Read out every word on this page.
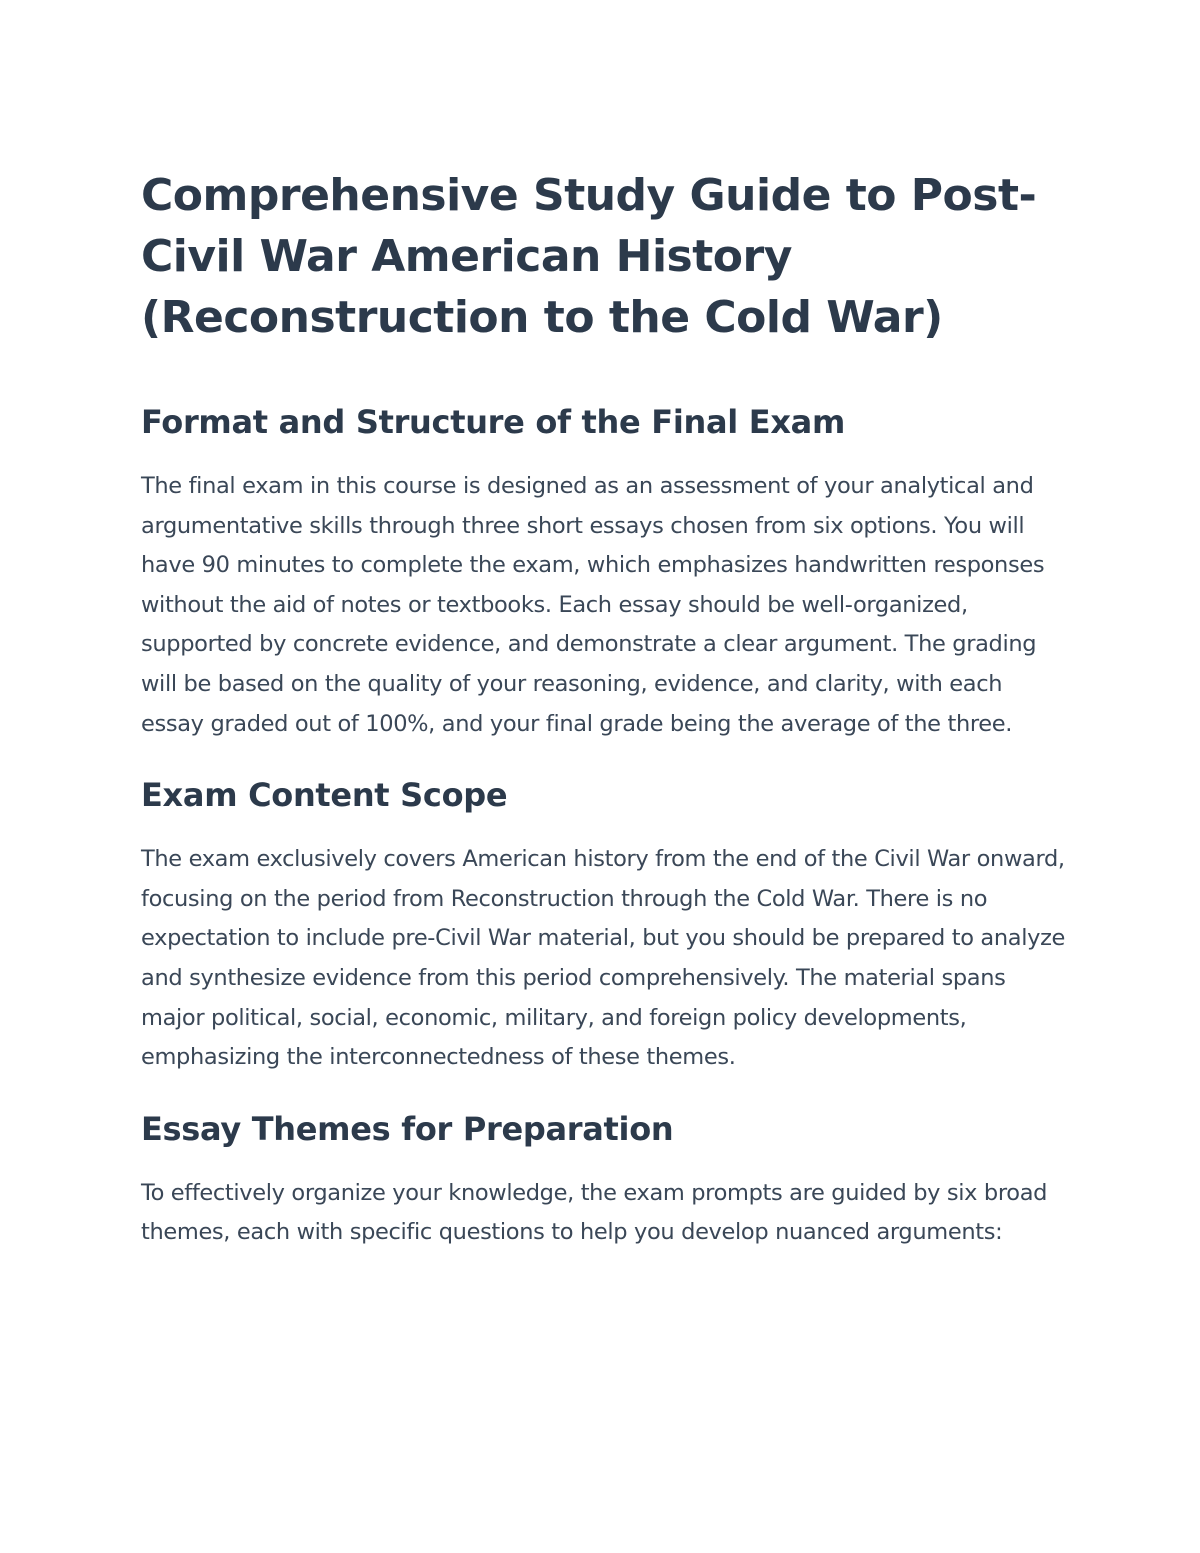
Comprehensive Study Guide to Post-Civil War American History (Reconstruction to the Cold War)
Format and Structure of the Final Exam

The final exam in this course is designed as an assessment of your analytical and argumentative skills through three short essays chosen from six options. You will have 90 minutes to complete the exam, which emphasizes handwritten responses without the aid of notes or textbooks. Each essay should be well-organized, supported by concrete evidence, and demonstrate a clear argument. The grading will be based on the quality of your reasoning, evidence, and clarity, with each essay graded out of 100%, and your final grade being the average of the three.

Exam Content Scope

The exam exclusively covers American history from the end of the Civil War onward, focusing on the period from Reconstruction through the Cold War. There is no expectation to include pre-Civil War material, but you should be prepared to analyze and synthesize evidence from this period comprehensively. The material spans major political, social, economic, military, and foreign policy developments, emphasizing the interconnectedness of these themes.

Essay Themes for Preparation

To effectively organize your knowledge, the exam prompts are guided by six broad themes, each with specific questions to help you develop nuanced arguments:
